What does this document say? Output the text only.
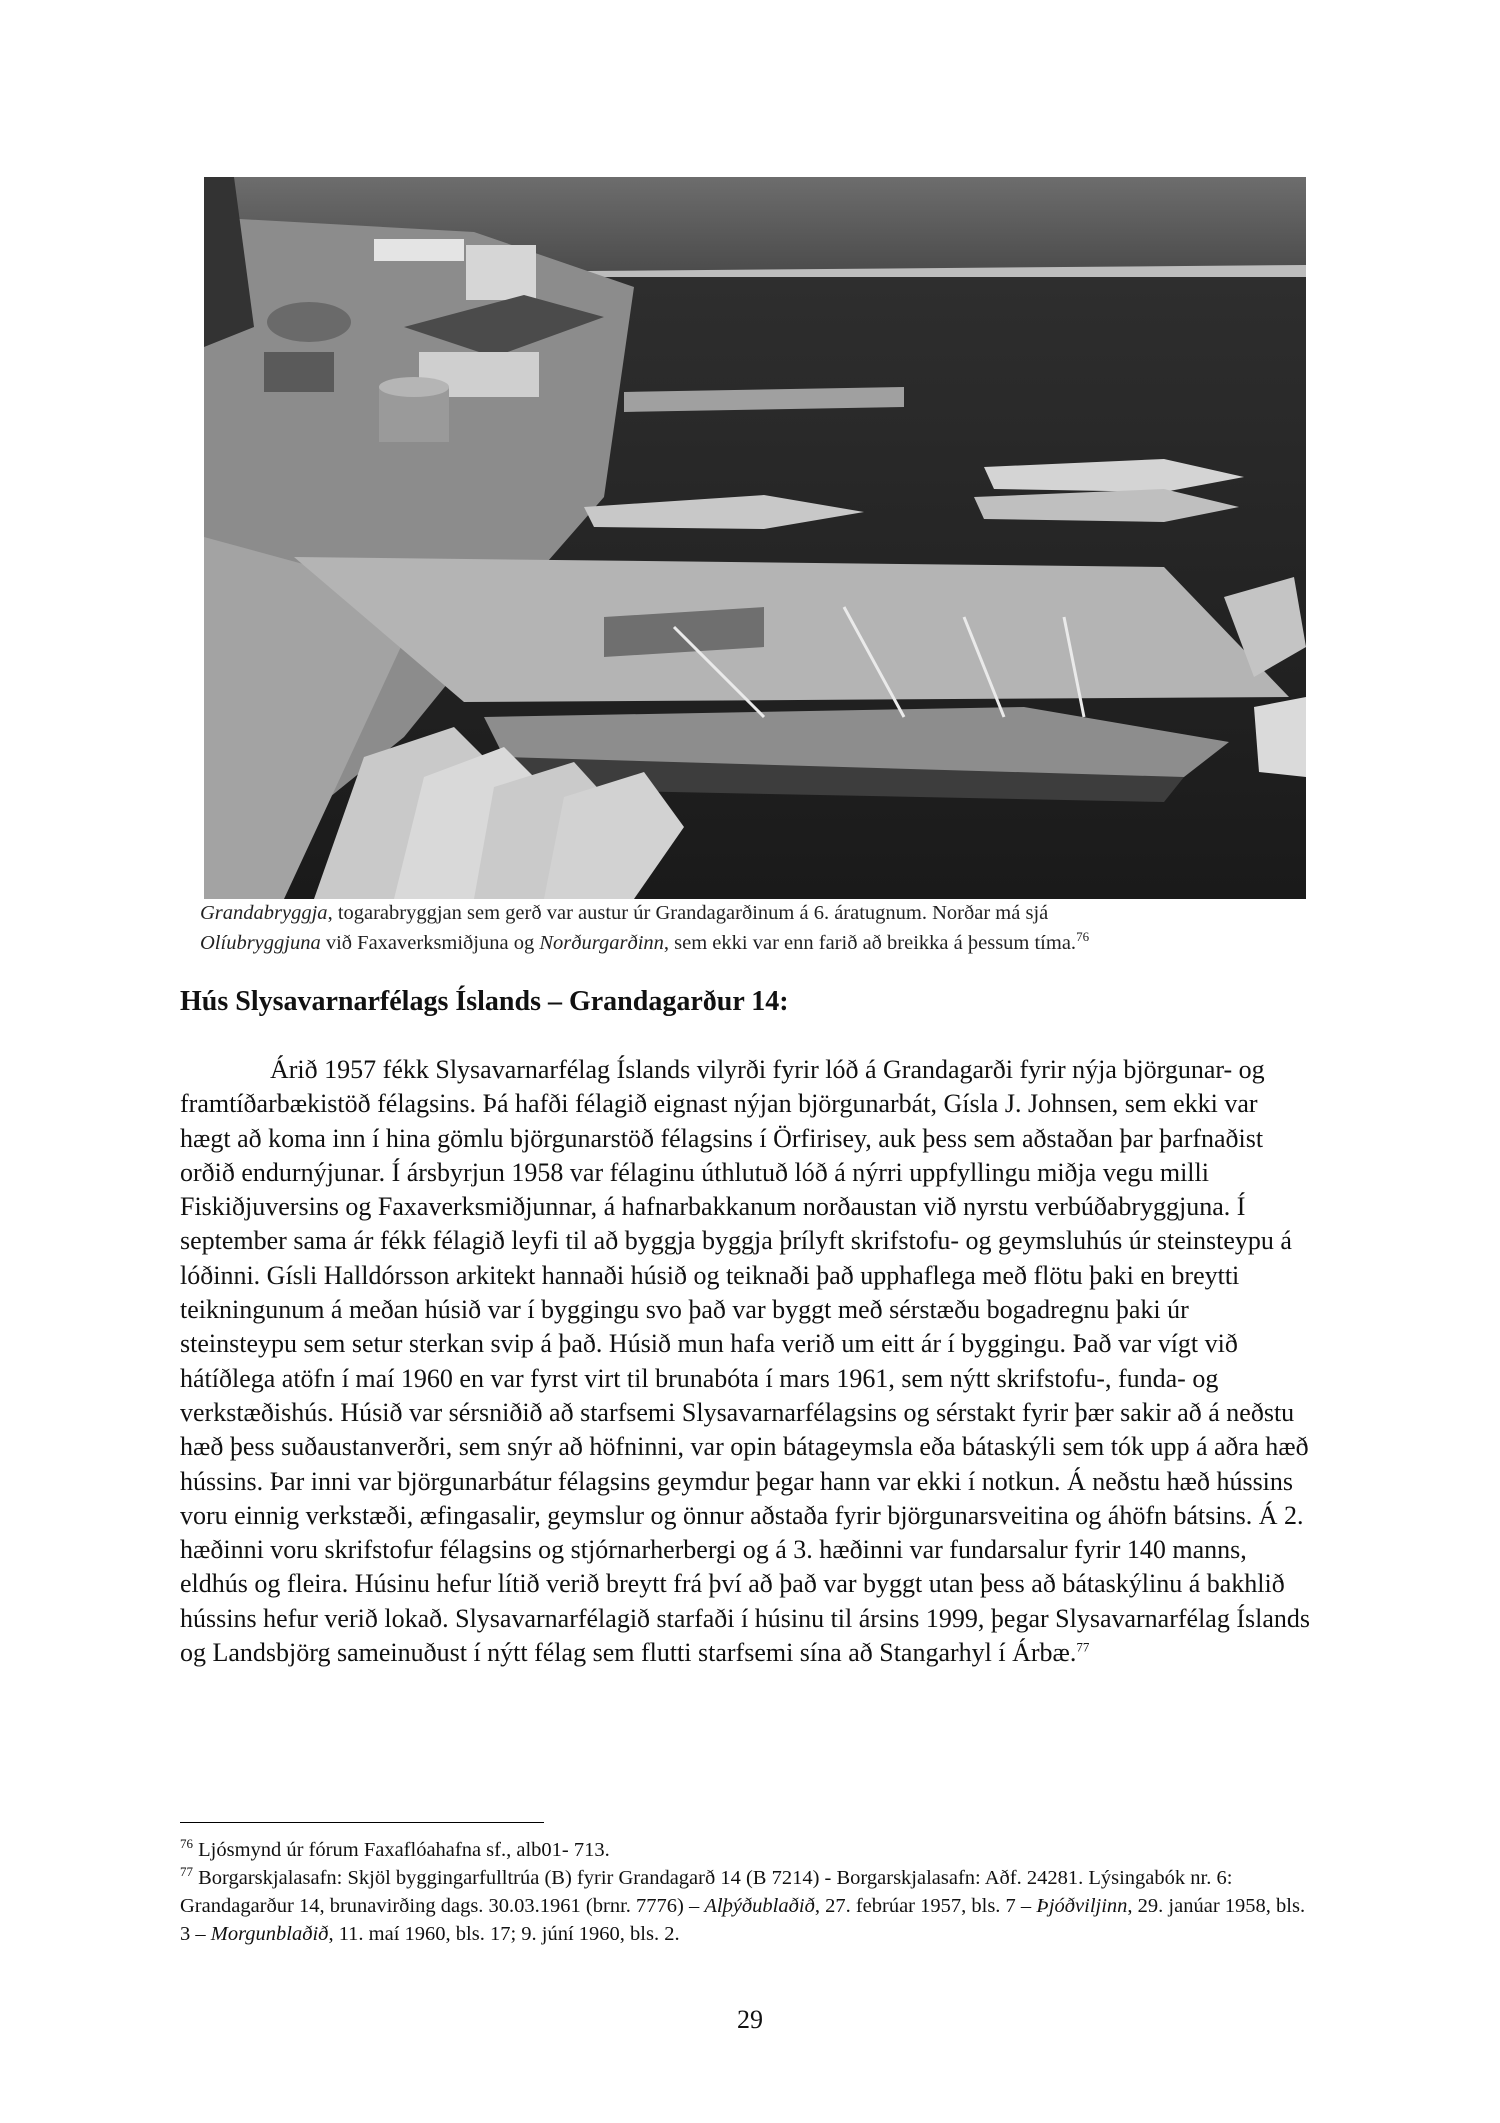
Grandabryggja, togarabryggjan sem gerð var austur úr Grandagarðinum á 6. áratugnum. Norðar má sjá
Olíubryggjuna við Faxaverksmiðjuna og Norðurgarðinn, sem ekki var enn farið að breikka á þessum tíma.$^{76}$
Hús Slysavarnarfélags Íslands – Grandagarður 14:

Árið 1957 fékk Slysavarnarfélag Íslands vilyrði fyrir lóð á Grandagarði fyrir nýja björgunar- og framtíðarbækistöð félagsins. Þá hafði félagið eignast nýjan björgunarbát, Gísla J. Johnsen, sem ekki var hægt að koma inn í hina gömlu björgunarstöð félagsins í Örfirisey, auk þess sem aðstaðan þar þarfnaðist orðið endurnýjunar. Í ársbyrjun 1958 var félaginu úthlutuð lóð á nýrri uppfyllingu miðja vegu milli Fiskiðjuversins og Faxaverksmiðjunnar, á hafnarbakkanum norðaustan við nyrstu verbúðabryggjuna. Í september sama ár fékk félagið leyfi til að byggja byggja þrílyft skrifstofu- og geymsluhús úr steinsteypu á lóðinni. Gísli Halldórsson arkitekt hannaði húsið og teiknaði það upphaflega með flötu þaki en breytti teikningunum á meðan húsið var í byggingu svo það var byggt með sérstæðu bogadregnu þaki úr steinsteypu sem setur sterkan svip á það. Húsið mun hafa verið um eitt ár í byggingu. Það var vígt við hátíðlega atöfn í maí 1960 en var fyrst virt til brunabóta í mars 1961, sem nýtt skrifstofu-, funda- og verkstæðishús. Húsið var sérsniðið að starfsemi Slysavarnarfélagsins og sérstakt fyrir þær sakir að á neðstu hæð þess suðaustanverðri, sem snýr að höfninni, var opin bátageymsla eða bátaskýli sem tók upp á aðra hæð hússins. Þar inni var björgunarbátur félagsins geymdur þegar hann var ekki í notkun. Á neðstu hæð hússins voru einnig verkstæði, æfingasalir, geymslur og önnur aðstaða fyrir björgunarsveitina og áhöfn bátsins. Á 2. hæðinni voru skrifstofur félagsins og stjórnarherbergi og á 3. hæðinni var fundarsalur fyrir 140 manns, eldhús og fleira. Húsinu hefur lítið verið breytt frá því að það var byggt utan þess að bátaskýlinu á bakhlið hússins hefur verið lokað. Slysavarnarfélagið starfaði í húsinu til ársins 1999, þegar Slysavarnarfélag Íslands og Landsbjörg sameinuðust í nýtt félag sem flutti starfsemi sína að Stangarhyl í Árbæ.$^{77}$

$^{76}$ Ljósmynd úr fórum Faxaflóahafna sf., alb01- 713.

$^{77}$ Borgarskjalasafn: Skjöl byggingarfulltrúa (B) fyrir Grandagarð 14 (B 7214) - Borgarskjalasafn: Aðf. 24281. Lýsingabók nr. 6: Grandagarður 14, brunavirðing dags. 30.03.1961 (brnr. 7776) – Alþýðublaðið, 27. febrúar 1957, bls. 7 – Þjóðviljinn, 29. janúar 1958, bls. 3 – Morgunblaðið, 11. maí 1960, bls. 17; 9. júní 1960, bls. 2.

29
